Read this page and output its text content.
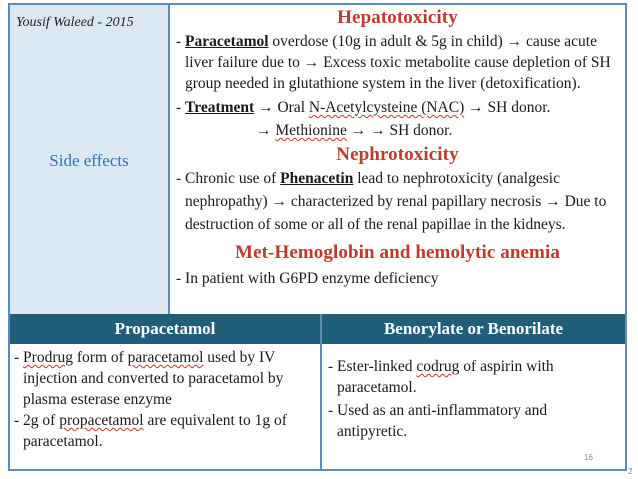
Yousif Waleed - 2015
Side effects
Hepatotoxicity
- Paracetamol overdose (10g in adult & 5g in child) → cause acute
liver failure due to → Excess toxic metabolite cause depletion of SH
group needed in glutathione system in the liver (detoxification).
- Treatment → Oral N-Acetylcysteine (NAC) → SH donor.
→ Methionine → → SH donor.
Nephrotoxicity
- Chronic use of Phenacetin lead to nephrotoxicity (analgesic
nephropathy) → characterized by renal papillary necrosis → Due to
destruction of some or all of the renal papillae in the kidneys.
Met-Hemoglobin and hemolytic anemia
- In patient with G6PD enzyme deficiency
Propacetamol	Benorylate or Benorilate
- Prodrug form of paracetamol used by IV
injection and converted to paracetamol by
plasma esterase enzyme
- 2g of propacetamol are equivalent to 1g of
paracetamol.
- Ester-linked codrug of aspirin with
paracetamol.
- Used as an anti-inflammatory and
antipyretic.
16
2
